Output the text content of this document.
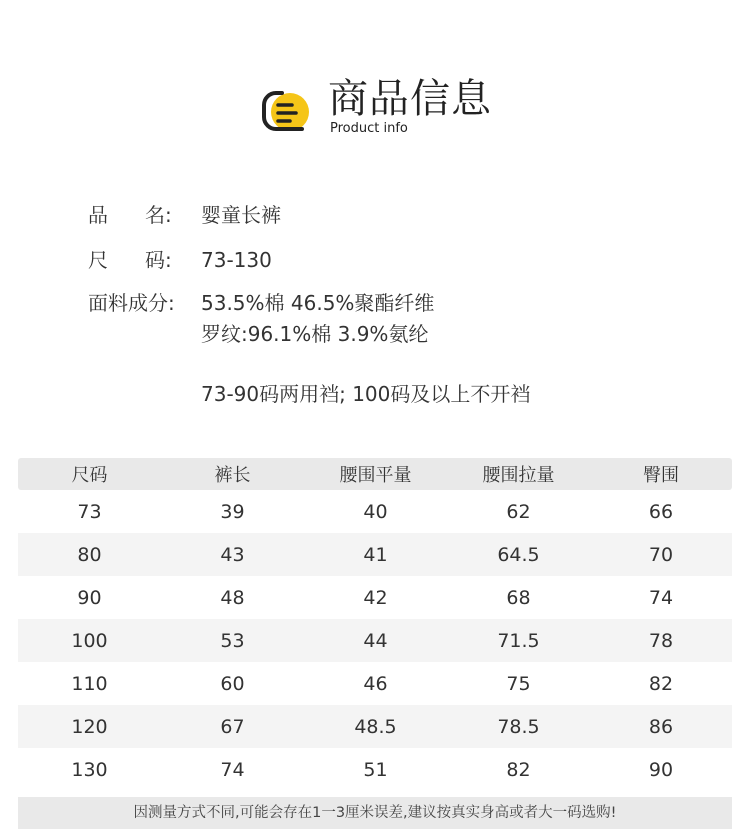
商品信息
Product info
品 名: 婴童长裤
尺 码: 73-130
面料成分: 53.5%棉 46.5%聚酯纤维
罗纹:96.1%棉 3.9%氨纶
73-90码两用裆; 100码及以上不开裆
尺码	裤长	腰围平量	腰围拉量	臀围
73	39	40	62	66
80	43	41	64.5	70
90	48	42	68	74
100	53	44	71.5	78
110	60	46	75	82
120	67	48.5	78.5	86
130	74	51	82	90
因测量方式不同,可能会存在1一3厘米误差,建议按真实身高或者大一码选购!
